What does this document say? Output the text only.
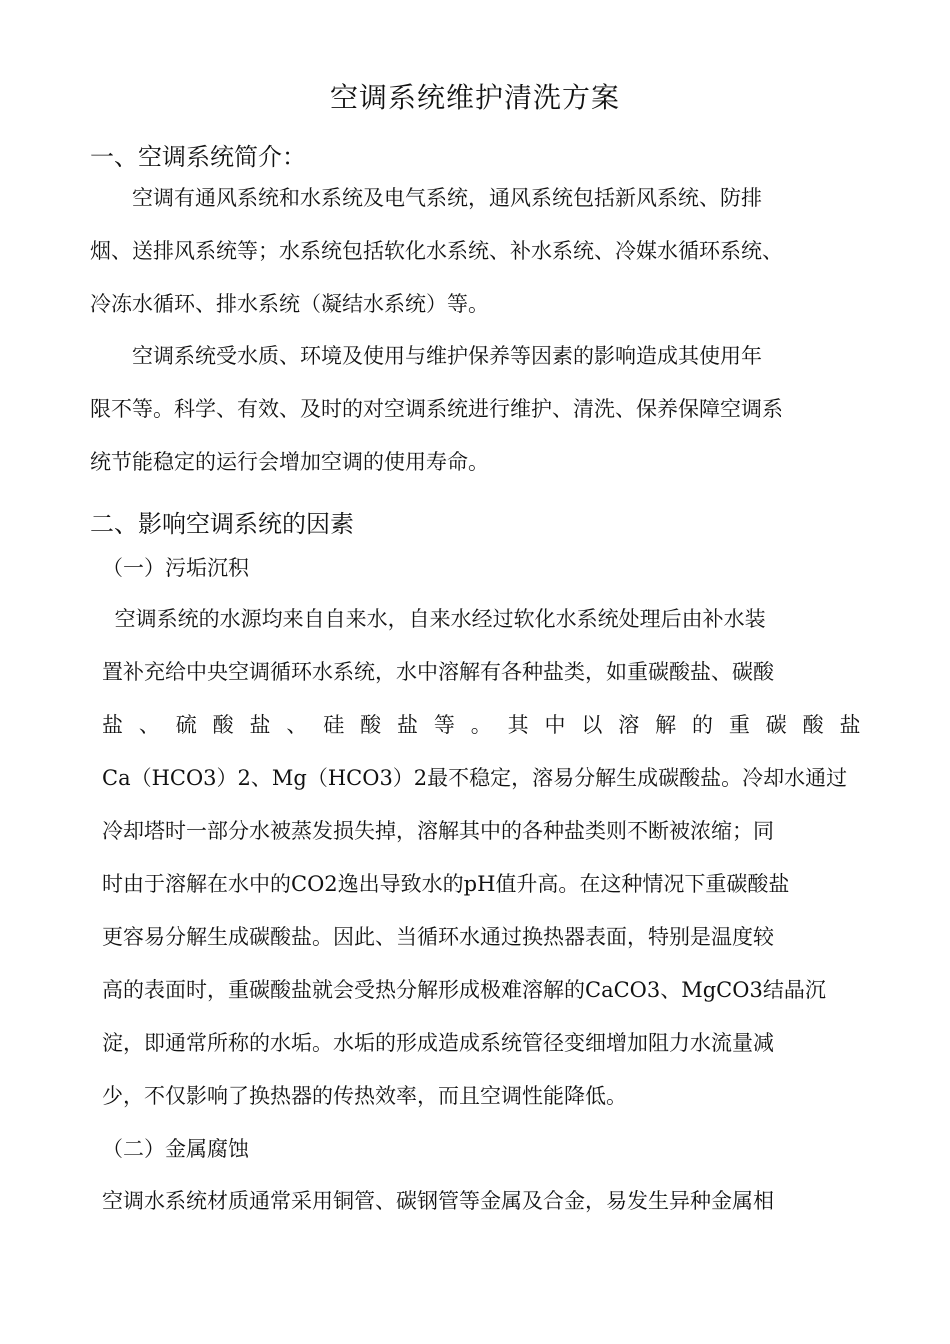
空调系统维护清洗方案
一、空调系统简介：
空调有通风系统和水系统及电气系统，通风系统包括新风系统、防排
烟、送排风系统等；水系统包括软化水系统、补水系统、冷媒水循环系统、
冷冻水循环、排水系统（凝结水系统）等。
空调系统受水质、环境及使用与维护保养等因素的影响造成其使用年
限不等。科学、有效、及时的对空调系统进行维护、清洗、保养保障空调系
统节能稳定的运行会增加空调的使用寿命。
二、影响空调系统的因素
（一）污垢沉积
空调系统的水源均来自自来水，自来水经过软化水系统处理后由补水装
置补充给中央空调循环水系统，水中溶解有各种盐类，如重碳酸盐、碳酸
盐 、 硫 酸 盐 、 硅 酸 盐 等 。 其 中 以 溶 解 的 重 碳 酸 盐
Ca（HCO3）2、Mg（HCO3）2最不稳定，溶易分解生成碳酸盐。冷却水通过
冷却塔时一部分水被蒸发损失掉，溶解其中的各种盐类则不断被浓缩；同
时由于溶解在水中的CO2逸出导致水的pH值升高。在这种情况下重碳酸盐
更容易分解生成碳酸盐。因此、当循环水通过换热器表面，特别是温度较
高的表面时，重碳酸盐就会受热分解形成极难溶解的CaCO3、MgCO3结晶沉
淀，即通常所称的水垢。水垢的形成造成系统管径变细增加阻力水流量减
少，不仅影响了换热器的传热效率，而且空调性能降低。
（二）金属腐蚀
空调水系统材质通常采用铜管、碳钢管等金属及合金，易发生异种金属相
